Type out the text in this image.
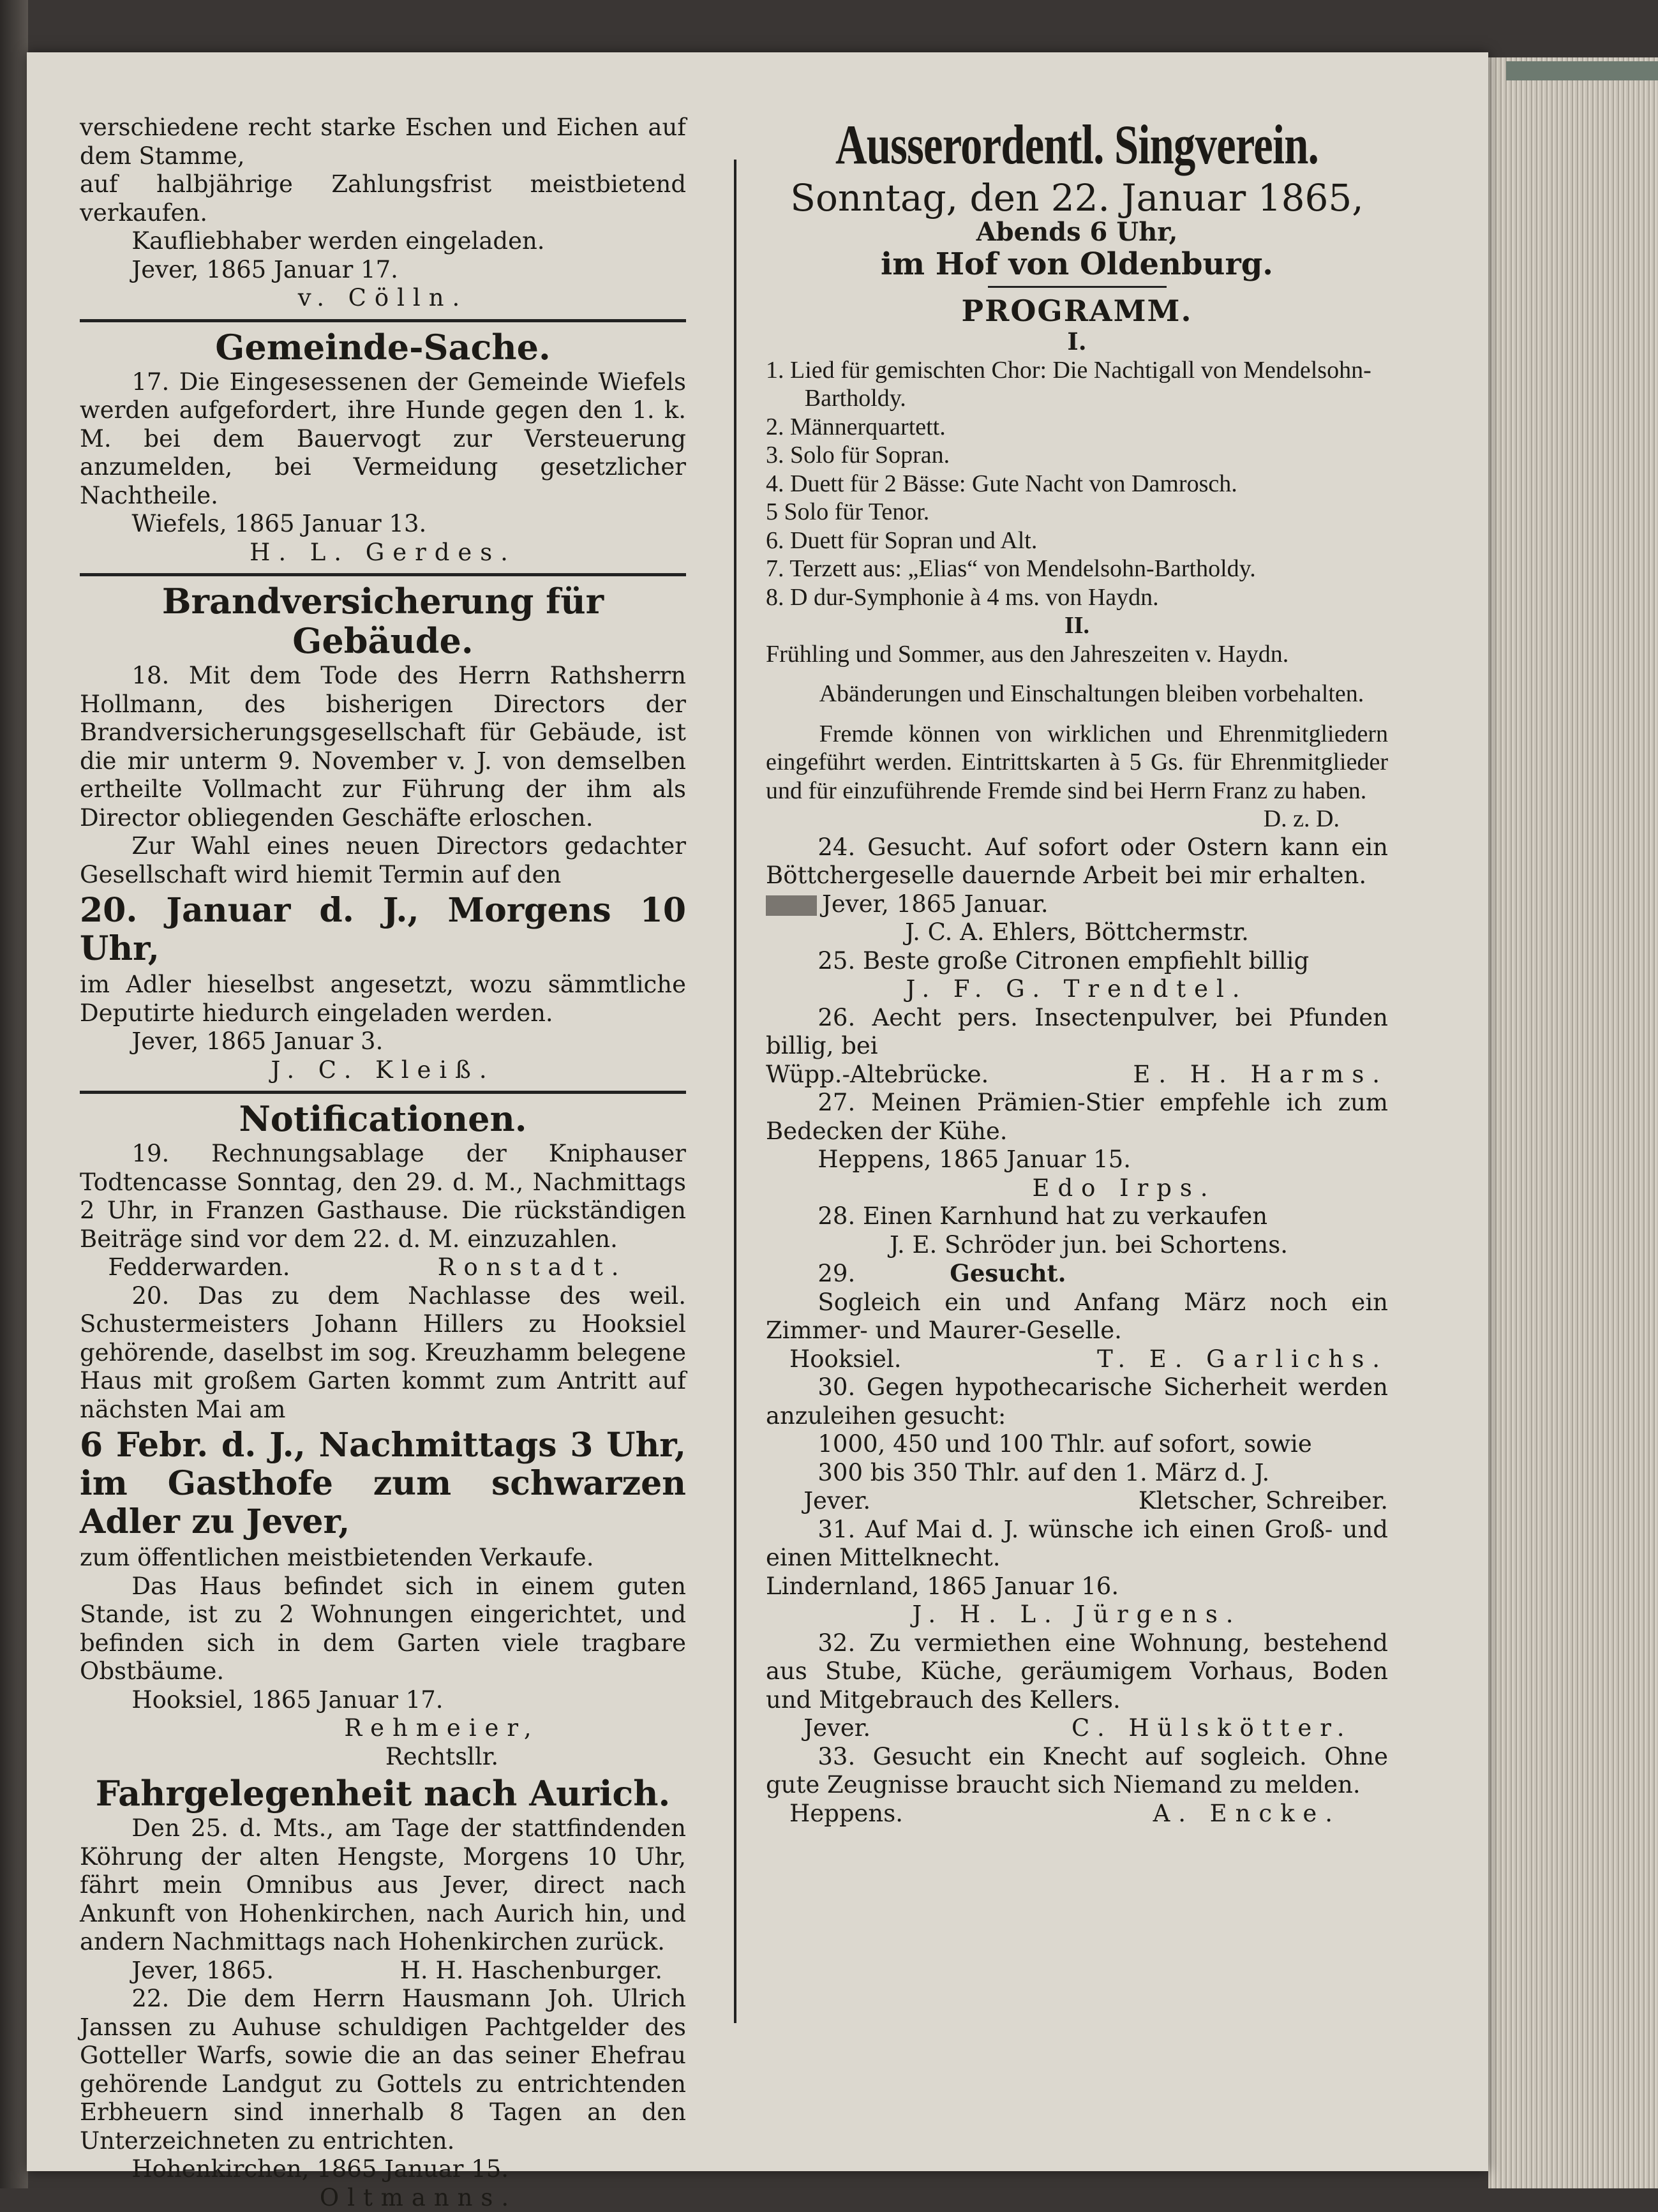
verschiedene recht starke Eschen und Eichen auf dem Stamme,

auf halbjährige Zahlungsfrist meistbietend verkaufen.

Kaufliebhaber werden eingeladen.

Jever, 1865 Januar 17.

v. Cölln.

Gemeinde-Sache.

17. Die Eingesessenen der Gemeinde Wiefels werden aufgefordert, ihre Hunde gegen den 1. k. M. bei dem Bauervogt zur Versteuerung anzumelden, bei Vermeidung gesetzlicher Nachtheile.

Wiefels, 1865 Januar 13.

H. L. Gerdes.

Brandversicherung für Gebäude.

18. Mit dem Tode des Herrn Rathsherrn Hollmann, des bisherigen Directors der Brandversicherungsgesellschaft für Gebäude, ist die mir unterm 9. November v. J. von demselben ertheilte Vollmacht zur Führung der ihm als Director obliegenden Geschäfte erloschen.

Zur Wahl eines neuen Directors gedachter Gesellschaft wird hiemit Termin auf den

20. Januar d. J., Morgens 10 Uhr,

im Adler hieselbst angesetzt, wozu sämmtliche Deputirte hiedurch eingeladen werden.

Jever, 1865 Januar 3.

J. C. Kleiß.

Notificationen.

19. Rechnungsablage der Kniphauser Todtencasse Sonntag, den 29. d. M., Nachmittags 2 Uhr, in Franzen Gasthause. Die rückständigen Beiträge sind vor dem 22. d. M. einzuzahlen.

Fedderwarden.	Ronstadt.

20. Das zu dem Nachlasse des weil. Schustermeisters Johann Hillers zu Hooksiel gehörende, daselbst im sog. Kreuzhamm belegene Haus mit großem Garten kommt zum Antritt auf nächsten Mai am

6 Febr. d. J., Nachmittags 3 Uhr, im Gasthofe zum schwarzen Adler zu Jever,

zum öffentlichen meistbietenden Verkaufe.

Das Haus befindet sich in einem guten Stande, ist zu 2 Wohnungen eingerichtet, und befinden sich in dem Garten viele tragbare Obstbäume.

Hooksiel, 1865 Januar 17.

Rehmeier,

Rechtsllr.

Fahrgelegenheit nach Aurich.

Den 25. d. Mts., am Tage der stattfindenden Köhrung der alten Hengste, Morgens 10 Uhr, fährt mein Omnibus aus Jever, direct nach Ankunft von Hohenkirchen, nach Aurich hin, und andern Nachmittags nach Hohenkirchen zurück.

Jever, 1865.	H. H. Haschenburger.

22. Die dem Herrn Hausmann Joh. Ulrich Janssen zu Auhuse schuldigen Pachtgelder des Gotteller Warfs, sowie die an das seiner Ehefrau gehörende Landgut zu Gottels zu entrichtenden Erbheuern sind innerhalb 8 Tagen an den Unterzeichneten zu entrichten.

Hohenkirchen, 1865 Januar 15.

Oltmanns.

Ausserordentl. Singverein.

Sonntag, den 22. Januar 1865,

Abends 6 Uhr,

im Hof von Oldenburg.

PROGRAMM.

I.

1. Lied für gemischten Chor: Die Nachtigall von Mendelsohn-Bartholdy.

2. Männerquartett.

3. Solo für Sopran.

4. Duett für 2 Bässe: Gute Nacht von Damrosch.

5 Solo für Tenor.

6. Duett für Sopran und Alt.

7. Terzett aus: „Elias“ von Mendelsohn-Bartholdy.

8. D dur-Symphonie à 4 ms. von Haydn.

II.

Frühling und Sommer, aus den Jahreszeiten v. Haydn.

Abänderungen und Einschaltungen bleiben vorbehalten.

Fremde können von wirklichen und Ehrenmitgliedern eingeführt werden. Eintrittskarten à 5 Gs. für Ehrenmitglieder und für einzuführende Fremde sind bei Herrn Franz zu haben.

D. z. D.

24. Gesucht. Auf sofort oder Ostern kann ein Böttchergeselle dauernde Arbeit bei mir erhalten.

Jever, 1865 Januar.

J. C. A. Ehlers, Böttchermstr.

25. Beste große Citronen empfiehlt billig

J. F. G. Trendtel.

26. Aecht pers. Insectenpulver, bei Pfunden billig, bei

Wüpp.-Altebrücke.	E. H. Harms.

27. Meinen Prämien-Stier empfehle ich zum Bedecken der Kühe.

Heppens, 1865 Januar 15.

Edo Irps.

28. Einen Karnhund hat zu verkaufen

J. E. Schröder jun. bei Schortens.

29.	Gesucht.

Sogleich ein und Anfang März noch ein Zimmer- und Maurer-Geselle.

Hooksiel.	T. E. Garlichs.

30. Gegen hypothecarische Sicherheit werden anzuleihen gesucht:

1000, 450 und 100 Thlr. auf sofort, sowie

300 bis 350 Thlr. auf den 1. März d. J.

Jever.	Kletscher, Schreiber.

31. Auf Mai d. J. wünsche ich einen Groß- und einen Mittelknecht.

Lindernland, 1865 Januar 16.

J. H. L. Jürgens.

32. Zu vermiethen eine Wohnung, bestehend aus Stube, Küche, geräumigem Vorhaus, Boden und Mitgebrauch des Kellers.

Jever.	C. Hülskötter.

33. Gesucht ein Knecht auf sogleich. Ohne gute Zeugnisse braucht sich Niemand zu melden.

Heppens.	A. Encke.
